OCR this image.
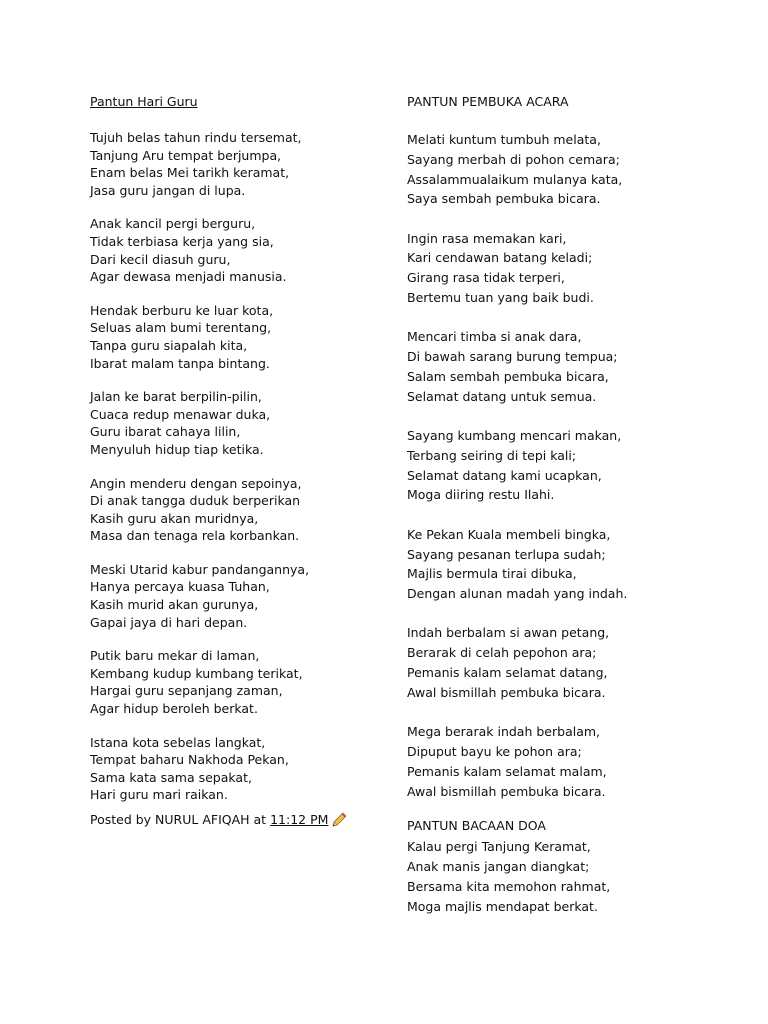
Pantun Hari Guru
Tujuh belas tahun rindu tersemat,
Tanjung Aru tempat berjumpa,
Enam belas Mei tarikh keramat,
Jasa guru jangan di lupa.
Anak kancil pergi berguru,
Tidak terbiasa kerja yang sia,
Dari kecil diasuh guru,
Agar dewasa menjadi manusia.
Hendak berburu ke luar kota,
Seluas alam bumi terentang,
Tanpa guru siapalah kita,
Ibarat malam tanpa bintang.
Jalan ke barat berpilin-pilin,
Cuaca redup menawar duka,
Guru ibarat cahaya lilin,
Menyuluh hidup tiap ketika.
Angin menderu dengan sepoinya,
Di anak tangga duduk berperikan
Kasih guru akan muridnya,
Masa dan tenaga rela korbankan.
Meski Utarid kabur pandangannya,
Hanya percaya kuasa Tuhan,
Kasih murid akan gurunya,
Gapai jaya di hari depan.
Putik baru mekar di laman,
Kembang kudup kumbang terikat,
Hargai guru sepanjang zaman,
Agar hidup beroleh berkat.
Istana kota sebelas langkat,
Tempat baharu Nakhoda Pekan,
Sama kata sama sepakat,
Hari guru mari raikan.
Posted by NURUL AFIQAH at 11:12 PM
PANTUN PEMBUKA ACARA
Melati kuntum tumbuh melata,
Sayang merbah di pohon cemara;
Assalammualaikum mulanya kata,
Saya sembah pembuka bicara.
Ingin rasa memakan kari,
Kari cendawan batang keladi;
Girang rasa tidak terperi,
Bertemu tuan yang baik budi.
Mencari timba si anak dara,
Di bawah sarang burung tempua;
Salam sembah pembuka bicara,
Selamat datang untuk semua.
Sayang kumbang mencari makan,
Terbang seiring di tepi kali;
Selamat datang kami ucapkan,
Moga diiring restu Ilahi.
Ke Pekan Kuala membeli bingka,
Sayang pesanan terlupa sudah;
Majlis bermula tirai dibuka,
Dengan alunan madah yang indah.
Indah berbalam si awan petang,
Berarak di celah pepohon ara;
Pemanis kalam selamat datang,
Awal bismillah pembuka bicara.
Mega berarak indah berbalam,
Dipuput bayu ke pohon ara;
Pemanis kalam selamat malam,
Awal bismillah pembuka bicara.
PANTUN BACAAN DOA
Kalau pergi Tanjung Keramat,
Anak manis jangan diangkat;
Bersama kita memohon rahmat,
Moga majlis mendapat berkat.
